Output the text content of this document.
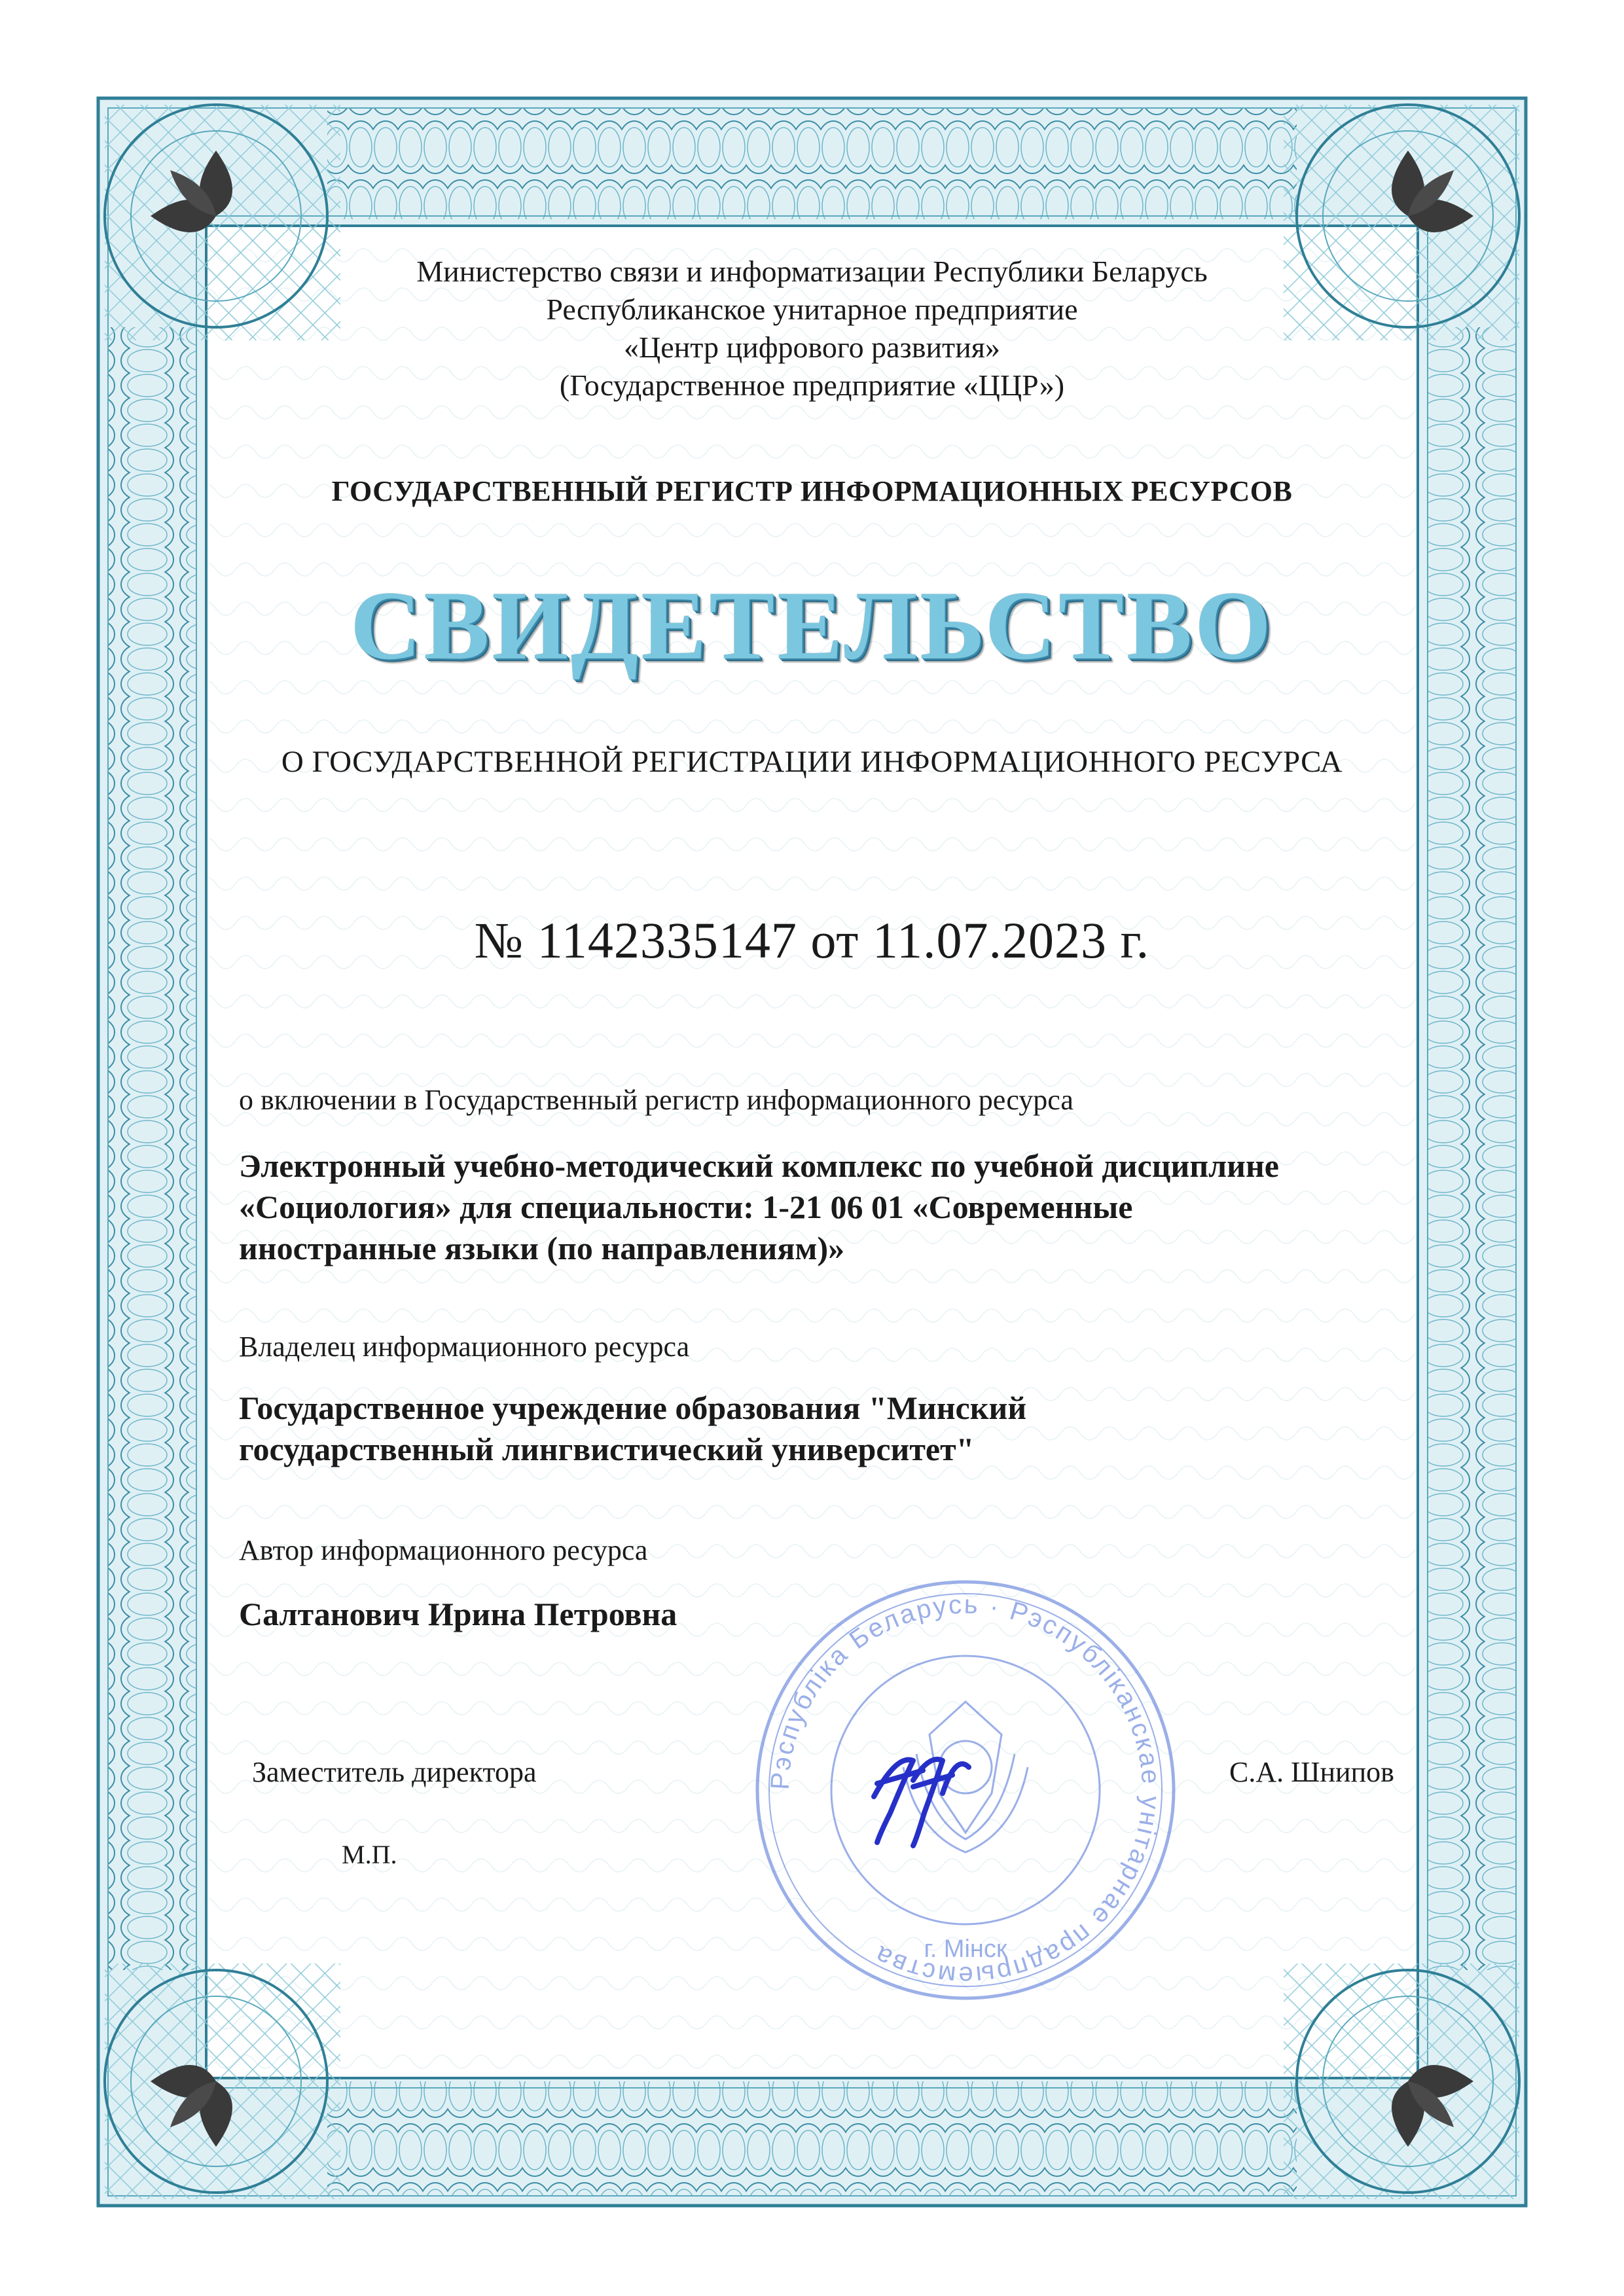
Министерство связи и информатизации Республики Беларусь
Республиканское унитарное предприятие
«Центр цифрового развития»
(Государственное предприятие «ЦЦР»)
ГОСУДАРСТВЕННЫЙ РЕГИСТР ИНФОРМАЦИОННЫХ РЕСУРСОВ
СВИДЕТЕЛЬСТВО
О ГОСУДАРСТВЕННОЙ РЕГИСТРАЦИИ ИНФОРМАЦИОННОГО РЕСУРСА
№ 1142335147 от 11.07.2023 г.
о включении в Государственный регистр информационного ресурса
Электронный учебно-методический комплекс по учебной дисциплине
«Социология» для специальности: 1-21 06 01 «Современные
иностранные языки (по направлениям)»
Владелец информационного ресурса
Государственное учреждение образования "Минский
государственный лингвистический университет"
Автор информационного ресурса
Салтанович Ирина Петровна
Рэспубліка Беларусь · Рэспубліканскае унітарнае прадпрыемства	г. Мінск
Заместитель директора	С.А. Шнипов
М.П.
